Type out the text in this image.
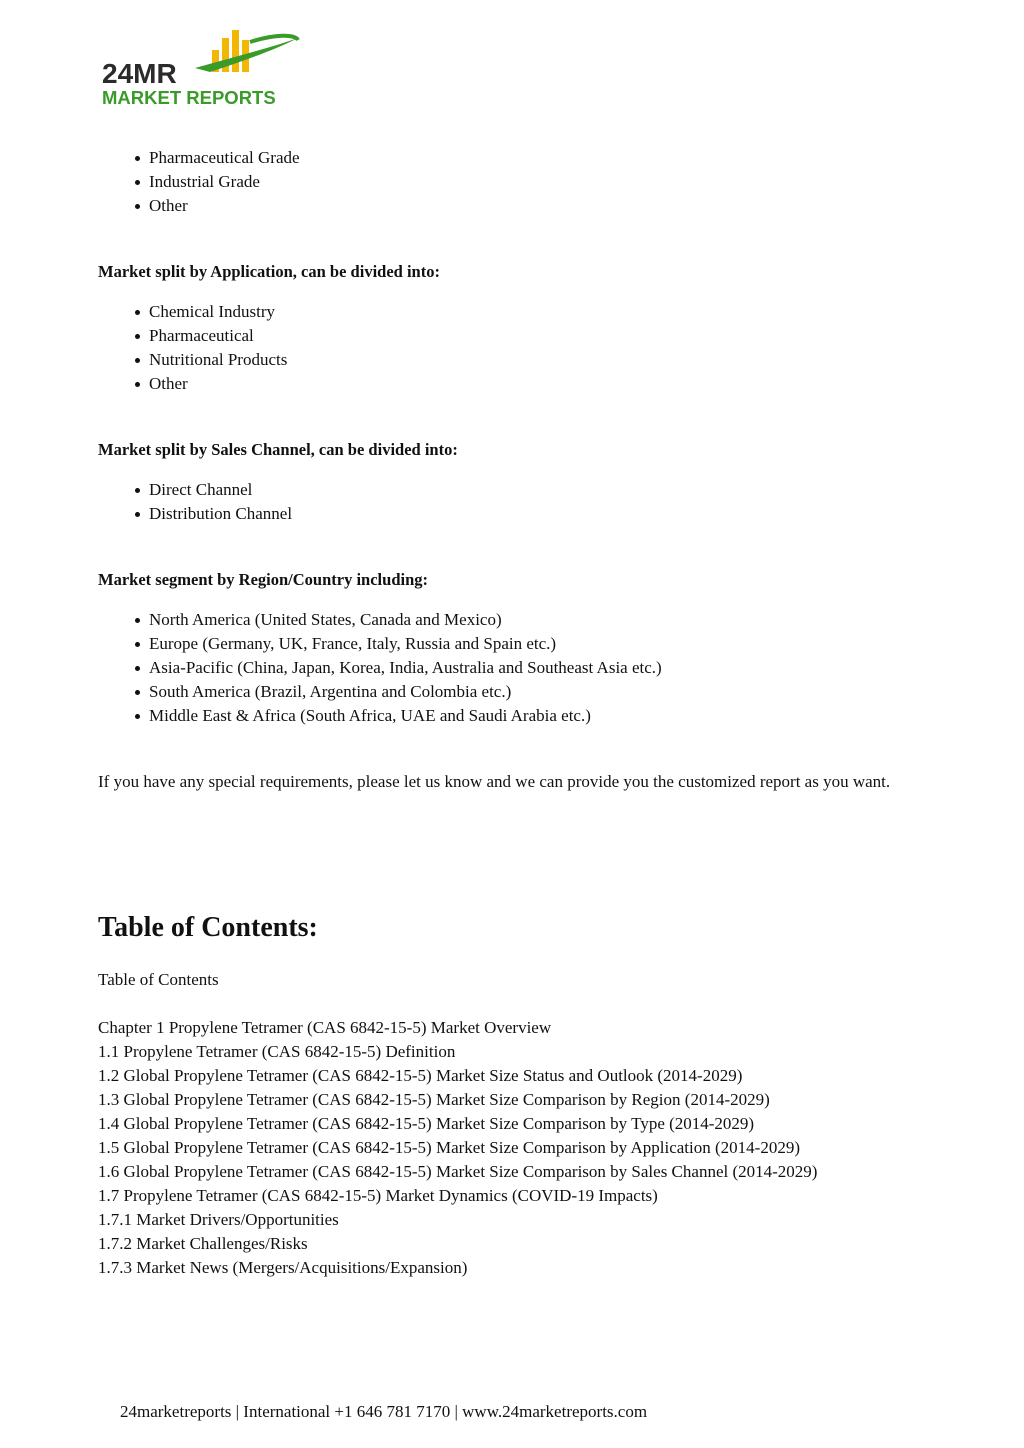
24MR
MARKET REPORTS
Pharmaceutical Grade
Industrial Grade
Other

Market split by Application, can be divided into:

Chemical Industry
Pharmaceutical
Nutritional Products
Other

Market split by Sales Channel, can be divided into:

Direct Channel
Distribution Channel

Market segment by Region/Country including:

North America (United States, Canada and Mexico)
Europe (Germany, UK, France, Italy, Russia and Spain etc.)
Asia-Pacific (China, Japan, Korea, India, Australia and Southeast Asia etc.)
South America (Brazil, Argentina and Colombia etc.)
Middle East & Africa (South Africa, UAE and Saudi Arabia etc.)

If you have any special requirements, please let us know and we can provide you the customized report as you want.

Table of Contents:
Table of Contents
Chapter 1 Propylene Tetramer (CAS 6842-15-5) Market Overview
1.1 Propylene Tetramer (CAS 6842-15-5) Definition
1.2 Global Propylene Tetramer (CAS 6842-15-5) Market Size Status and Outlook (2014-2029)
1.3 Global Propylene Tetramer (CAS 6842-15-5) Market Size Comparison by Region (2014-2029)
1.4 Global Propylene Tetramer (CAS 6842-15-5) Market Size Comparison by Type (2014-2029)
1.5 Global Propylene Tetramer (CAS 6842-15-5) Market Size Comparison by Application (2014-2029)
1.6 Global Propylene Tetramer (CAS 6842-15-5) Market Size Comparison by Sales Channel (2014-2029)
1.7 Propylene Tetramer (CAS 6842-15-5) Market Dynamics (COVID-19 Impacts)
1.7.1 Market Drivers/Opportunities
1.7.2 Market Challenges/Risks
1.7.3 Market News (Mergers/Acquisitions/Expansion)
24marketreports | International +1 646 781 7170 | www.24marketreports.com
